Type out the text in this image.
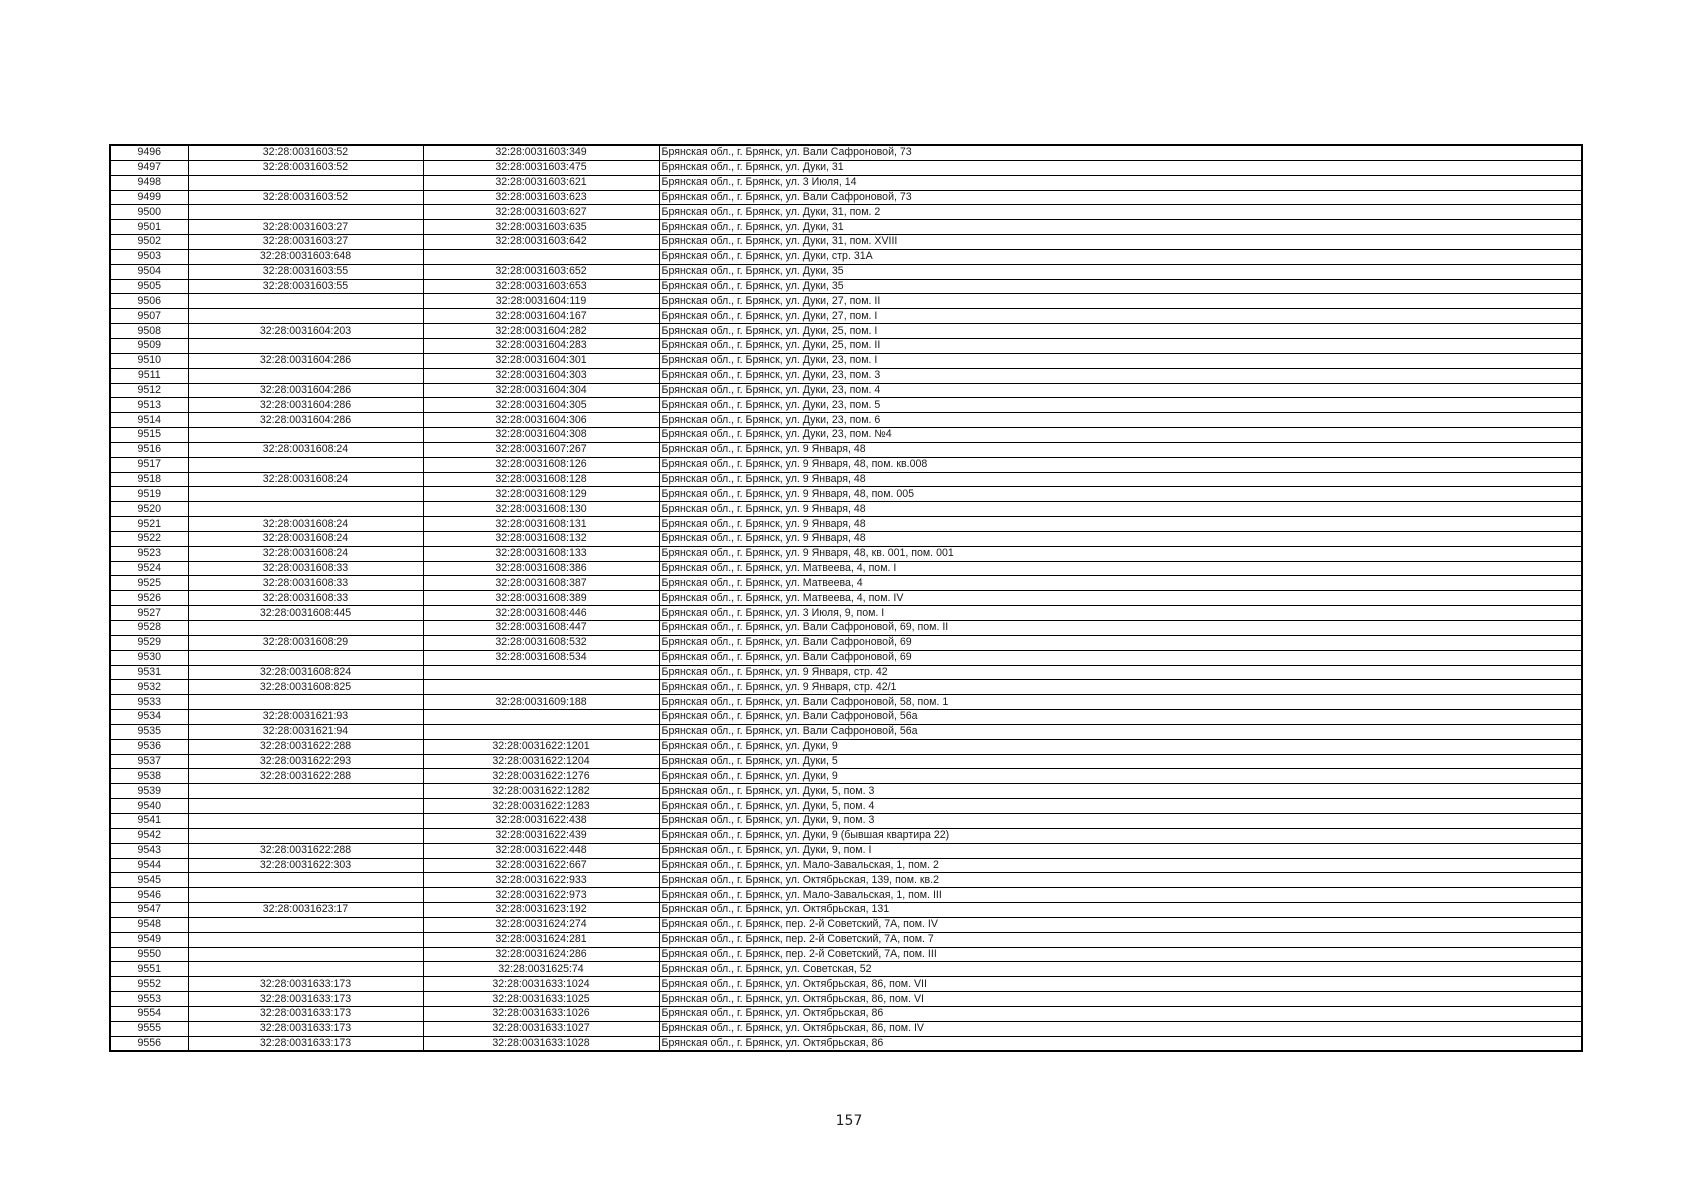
9496	32:28:0031603:52	32:28:0031603:349	Брянская обл., г. Брянск, ул. Вали Сафроновой, 73
9497	32:28:0031603:52	32:28:0031603:475	Брянская обл., г. Брянск, ул. Дуки, 31
9498		32:28:0031603:621	Брянская обл., г. Брянск, ул. 3 Июля, 14
9499	32:28:0031603:52	32:28:0031603:623	Брянская обл., г. Брянск, ул. Вали Сафроновой, 73
9500		32:28:0031603:627	Брянская обл., г. Брянск, ул. Дуки, 31, пом. 2
9501	32:28:0031603:27	32:28:0031603:635	Брянская обл., г. Брянск, ул. Дуки, 31
9502	32:28:0031603:27	32:28:0031603:642	Брянская обл., г. Брянск, ул. Дуки, 31, пом. XVIII
9503	32:28:0031603:648		Брянская обл., г. Брянск, ул. Дуки, стр. 31А
9504	32:28:0031603:55	32:28:0031603:652	Брянская обл., г. Брянск, ул. Дуки, 35
9505	32:28:0031603:55	32:28:0031603:653	Брянская обл., г. Брянск, ул. Дуки, 35
9506		32:28:0031604:119	Брянская обл., г. Брянск, ул. Дуки, 27, пом. II
9507		32:28:0031604:167	Брянская обл., г. Брянск, ул. Дуки, 27, пом. I
9508	32:28:0031604:203	32:28:0031604:282	Брянская обл., г. Брянск, ул. Дуки, 25, пом. I
9509		32:28:0031604:283	Брянская обл., г. Брянск, ул. Дуки, 25, пом. II
9510	32:28:0031604:286	32:28:0031604:301	Брянская обл., г. Брянск, ул. Дуки, 23, пом. I
9511		32:28:0031604:303	Брянская обл., г. Брянск, ул. Дуки, 23, пом. 3
9512	32:28:0031604:286	32:28:0031604:304	Брянская обл., г. Брянск, ул. Дуки, 23, пом. 4
9513	32:28:0031604:286	32:28:0031604:305	Брянская обл., г. Брянск, ул. Дуки, 23, пом. 5
9514	32:28:0031604:286	32:28:0031604:306	Брянская обл., г. Брянск, ул. Дуки, 23, пом. 6
9515		32:28:0031604:308	Брянская обл., г. Брянск, ул. Дуки, 23, пом. №4
9516	32:28:0031608:24	32:28:0031607:267	Брянская обл., г. Брянск, ул. 9 Января, 48
9517		32:28:0031608:126	Брянская обл., г. Брянск, ул. 9 Января, 48, пом. кв.008
9518	32:28:0031608:24	32:28:0031608:128	Брянская обл., г. Брянск, ул. 9 Января, 48
9519		32:28:0031608:129	Брянская обл., г. Брянск, ул. 9 Января, 48, пом. 005
9520		32:28:0031608:130	Брянская обл., г. Брянск, ул. 9 Января, 48
9521	32:28:0031608:24	32:28:0031608:131	Брянская обл., г. Брянск, ул. 9 Января, 48
9522	32:28:0031608:24	32:28:0031608:132	Брянская обл., г. Брянск, ул. 9 Января, 48
9523	32:28:0031608:24	32:28:0031608:133	Брянская обл., г. Брянск, ул. 9 Января, 48, кв. 001, пом. 001
9524	32:28:0031608:33	32:28:0031608:386	Брянская обл., г. Брянск, ул. Матвеева, 4, пом. I
9525	32:28:0031608:33	32:28:0031608:387	Брянская обл., г. Брянск, ул. Матвеева, 4
9526	32:28:0031608:33	32:28:0031608:389	Брянская обл., г. Брянск, ул. Матвеева, 4, пом. IV
9527	32:28:0031608:445	32:28:0031608:446	Брянская обл., г. Брянск, ул. 3 Июля, 9, пом. I
9528		32:28:0031608:447	Брянская обл., г. Брянск, ул. Вали Сафроновой, 69, пом. II
9529	32:28:0031608:29	32:28:0031608:532	Брянская обл., г. Брянск, ул. Вали Сафроновой, 69
9530		32:28:0031608:534	Брянская обл., г. Брянск, ул. Вали Сафроновой, 69
9531	32:28:0031608:824		Брянская обл., г. Брянск, ул. 9 Января, стр. 42
9532	32:28:0031608:825		Брянская обл., г. Брянск, ул. 9 Января, стр. 42/1
9533		32:28:0031609:188	Брянская обл., г. Брянск, ул. Вали Сафроновой, 58, пом. 1
9534	32:28:0031621:93		Брянская обл., г. Брянск, ул. Вали Сафроновой, 56а
9535	32:28:0031621:94		Брянская обл., г. Брянск, ул. Вали Сафроновой, 56а
9536	32:28:0031622:288	32:28:0031622:1201	Брянская обл., г. Брянск, ул. Дуки, 9
9537	32:28:0031622:293	32:28:0031622:1204	Брянская обл., г. Брянск, ул. Дуки, 5
9538	32:28:0031622:288	32:28:0031622:1276	Брянская обл., г. Брянск, ул. Дуки, 9
9539		32:28:0031622:1282	Брянская обл., г. Брянск, ул. Дуки, 5, пом. 3
9540		32:28:0031622:1283	Брянская обл., г. Брянск, ул. Дуки, 5, пом. 4
9541		32:28:0031622:438	Брянская обл., г. Брянск, ул. Дуки, 9, пом. 3
9542		32:28:0031622:439	Брянская обл., г. Брянск, ул. Дуки, 9 (бывшая квартира 22)
9543	32:28:0031622:288	32:28:0031622:448	Брянская обл., г. Брянск, ул. Дуки, 9, пом. I
9544	32:28:0031622:303	32:28:0031622:667	Брянская обл., г. Брянск, ул. Мало-Завальская, 1, пом. 2
9545		32:28:0031622:933	Брянская обл., г. Брянск, ул. Октябрьская, 139, пом. кв.2
9546		32:28:0031622:973	Брянская обл., г. Брянск, ул. Мало-Завальская, 1, пом. III
9547	32:28:0031623:17	32:28:0031623:192	Брянская обл., г. Брянск, ул. Октябрьская, 131
9548		32:28:0031624:274	Брянская обл., г. Брянск, пер. 2-й Советский, 7А, пом. IV
9549		32:28:0031624:281	Брянская обл., г. Брянск, пер. 2-й Советский, 7А, пом. 7
9550		32:28:0031624:286	Брянская обл., г. Брянск, пер. 2-й Советский, 7А, пом. III
9551		32:28:0031625:74	Брянская обл., г. Брянск, ул. Советская, 52
9552	32:28:0031633:173	32:28:0031633:1024	Брянская обл., г. Брянск, ул. Октябрьская, 86, пом. VII
9553	32:28:0031633:173	32:28:0031633:1025	Брянская обл., г. Брянск, ул. Октябрьская, 86, пом. VI
9554	32:28:0031633:173	32:28:0031633:1026	Брянская обл., г. Брянск, ул. Октябрьская, 86
9555	32:28:0031633:173	32:28:0031633:1027	Брянская обл., г. Брянск, ул. Октябрьская, 86, пом. IV
9556	32:28:0031633:173	32:28:0031633:1028	Брянская обл., г. Брянск, ул. Октябрьская, 86
157
